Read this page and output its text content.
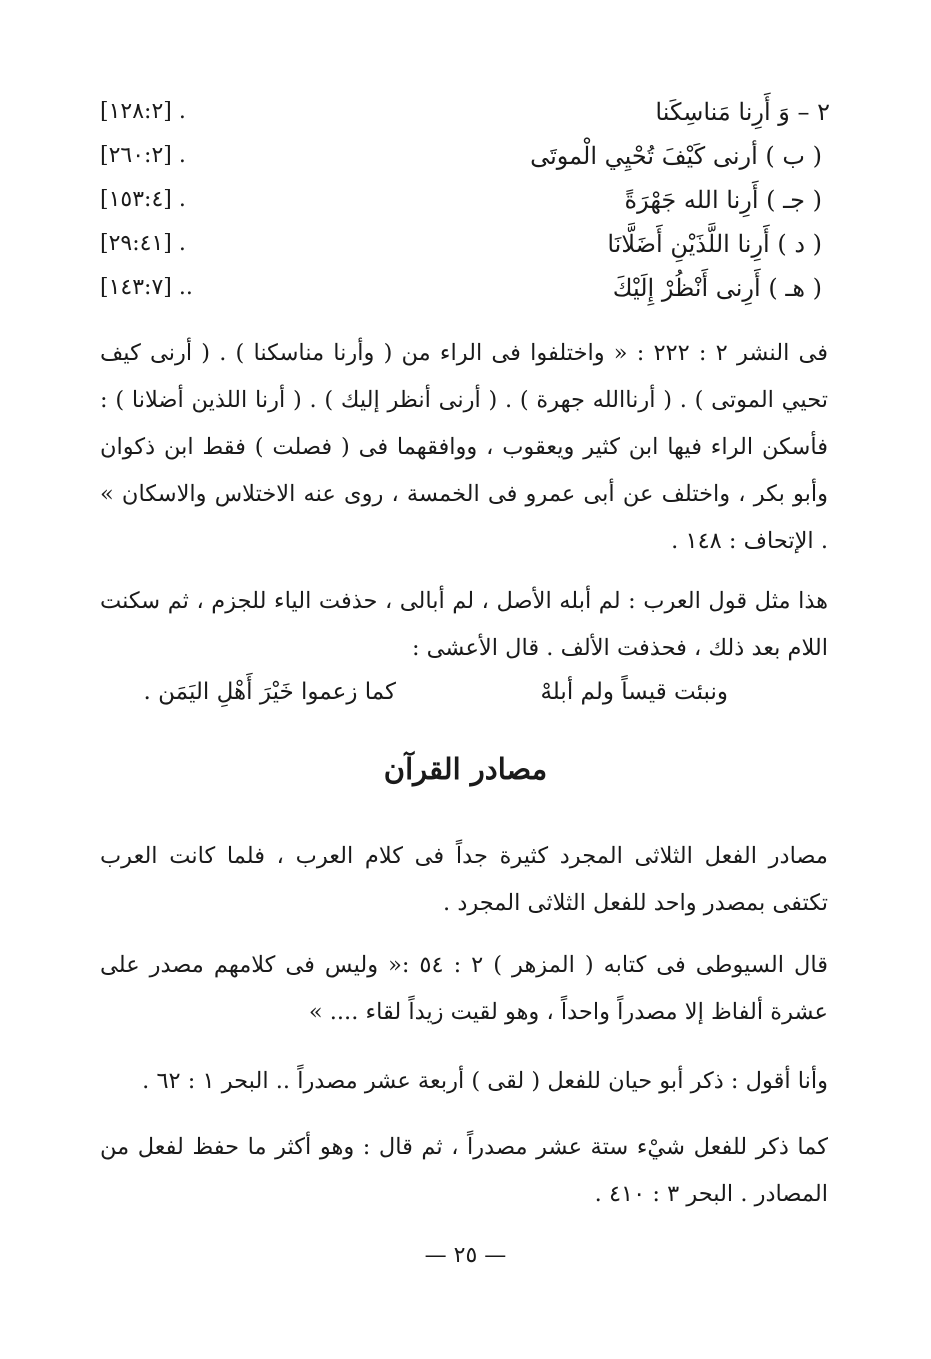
٢ – وَ أَرِنا مَناسِكَنا
[١٢٨:٢] .
( ب ) أرنى كَيْفَ تُحْيِي الْموتَى
[٢٦٠:٢] .
( جـ ) أَرِنا الله جَهْرَةً
[١٥٣:٤] .
( د ) أَرِنا اللَّذَيْنِ أَضَلَّانَا
[٢٩:٤١] .
( هـ ) أَرِنى أَنْظُرْ إِلَيْكَ
[١٤٣:٧] ..

فى النشر ٢ : ٢٢٢ : « واختلفوا فى الراء من ( وأرنا مناسكنا ) . ( أرنى كيف تحيي الموتى ) . ( أرناالله جهرة ) . ( أرنى أنظر إليك ) . ( أرنا اللذين أضلانا ) : فأسكن الراء فيها ابن كثير ويعقوب ، ووافقهما فى ( فصلت ) فقط ابن ذكوان وأبو بكر ، واختلف عن أبى عمرو فى الخمسة ، روى عنه الاختلاس والاسكان » . الإتحاف : ١٤٨ .

هذا مثل قول العرب : لم أبله الأصل ، لم أبالى ، حذفت الياء للجزم ، ثم سكنت اللام بعد ذلك ، فحذفت الألف . قال الأعشى :

ونبئت قيساً ولم أبلهْ
كما زعموا خَيْرَ أَهْلِ اليَمَن .
مصادر القرآن

مصادر الفعل الثلاثى المجرد كثيرة جداً فى كلام العرب ، فلما كانت العرب تكتفى بمصدر واحد للفعل الثلاثى المجرد .

قال السيوطى فى كتابه ( المزهر ) ٢ : ٥٤ :« وليس فى كلامهم مصدر على عشرة ألفاظ إلا مصدراً واحداً ، وهو لقيت زيداً لقاء .... »

وأنا أقول : ذكر أبو حيان للفعل ( لقى ) أربعة عشر مصدراً .. البحر ١ : ٦٢ .

كما ذكر للفعل شيْء ستة عشر مصدراً ، ثم قال : وهو أكثر ما حفظ لفعل من المصادر . البحر ٣ : ٤١٠ .

— ٢٥ —
